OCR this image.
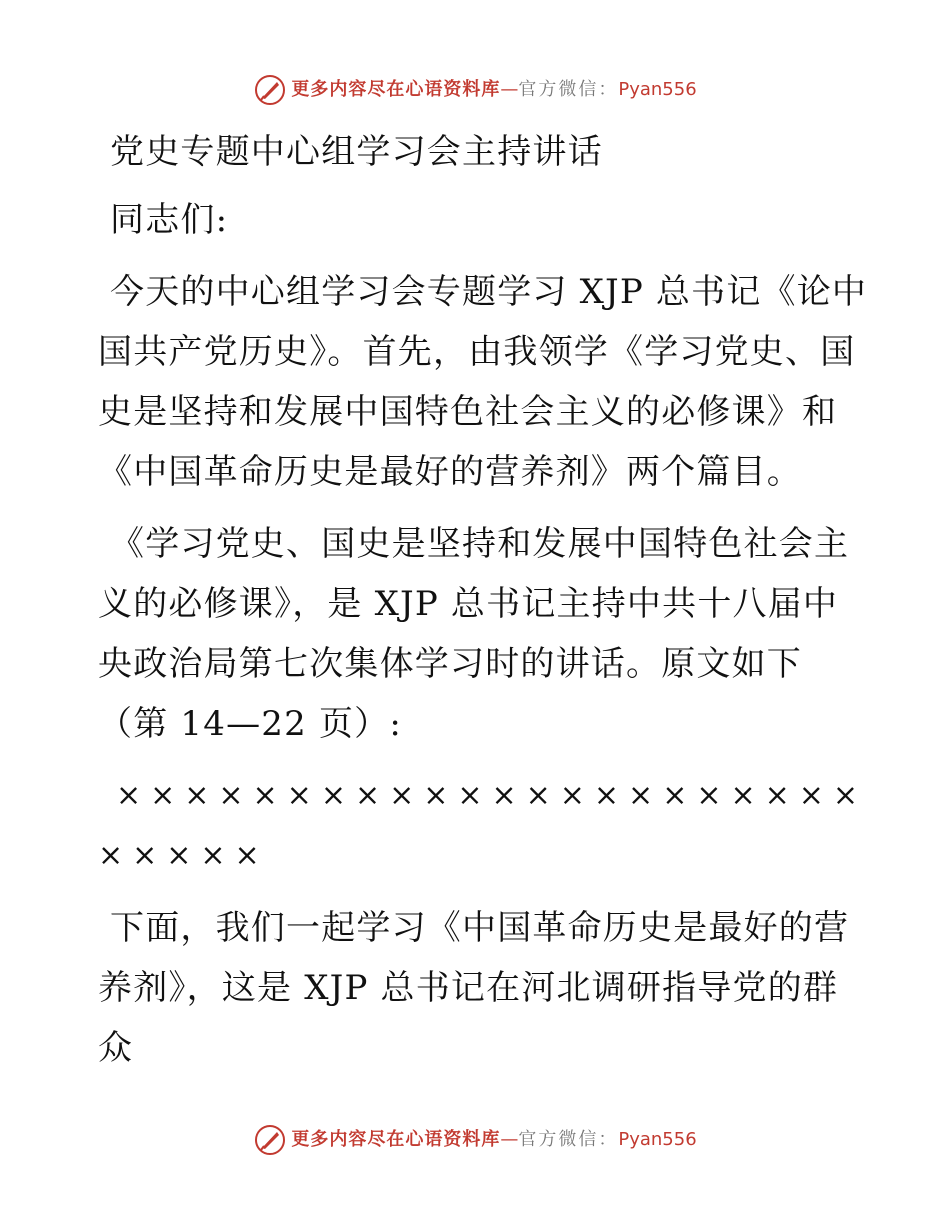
更多内容尽在心语资料库 — 官方微信： Pyan556

党史专题中心组学习会主持讲话

同志们:

今天的中心组学习会专题学习 XJP 总书记《论中国共产党历史》。首先，由我领学《学习党史、国史是坚持和发展中国特色社会主义的必修课》和《中国革命历史是最好的营养剂》两个篇目。

《学习党史、国史是坚持和发展中国特色社会主义的必修课》，是 XJP 总书记主持中共十八届中央政治局第七次集体学习时的讲话。原文如下（第 14—22 页）:

×××××××××××××××××××××××××××

下面，我们一起学习《中国革命历史是最好的营养剂》，这是 XJP 总书记在河北调研指导党的群众

更多内容尽在心语资料库 — 官方微信： Pyan556
